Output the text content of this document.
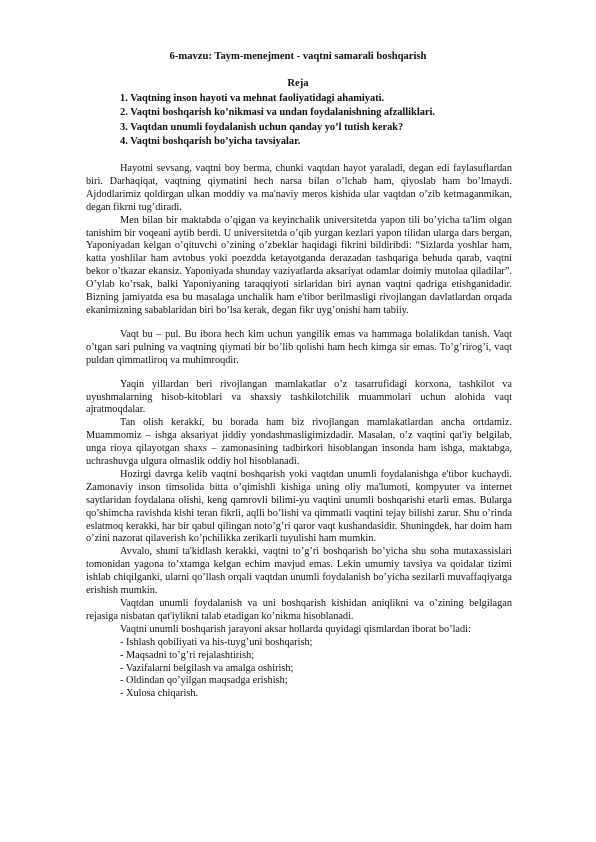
6-mavzu: Taym-menejment - vaqtni samarali boshqarish
Reja
1. Vaqtning inson hayoti va mehnat faoliyatidagi ahamiyati.
2. Vaqtni boshqarish ko’nikmasi va undan foydalanishning afzalliklari.
3. Vaqtdan unumli foydalanish uchun qanday yo’l tutish kerak?
4. Vaqtni boshqarish bo’yicha tavsiyalar.

Hayotni sevsang, vaqtni boy berma, chunki vaqtdan hayot yaraladi, degan edi faylasuflardan biri. Darhaqiqat, vaqtning qiymatini hech narsa bilan o’lchab ham, qiyoslab ham bo’lmaydi. Ajdodlarimiz qoldirgan ulkan moddiy va ma'naviy meros kishida ular vaqtdan o’zib ketmaganmikan, degan fikrni tug’diradi.

Men bilan bir maktabda o’qigan va keyinchalik universitetda yapon tili bo’yicha ta'lim olgan tanishim bir voqeani aytib berdi. U universitetda o’qib yurgan kezlari yapon tilidan ularga dars bergan, Yaponiyadan kelgan o’qituvchi o’zining o’zbeklar haqidagi fikrini bildiribdi: “Sizlarda yoshlar ham, katta yoshlilar ham avtobus yoki poezdda ketayotganda derazadan tashqariga behuda qarab, vaqtni bekor o’tkazar ekansiz. Yaponiyada shunday vaziyatlarda aksariyat odamlar doimiy mutolaa qiladilar”. O’ylab ko’rsak, balki Yaponiyaning taraqqiyoti sirlaridan biri aynan vaqtni qadriga etishganidadir. Bizning jamiyatda esa bu masalaga unchalik ham e'tibor berilmasligi rivojlangan davlatlardan orqada ekanimizning sabablaridan biri bo’lsa kerak, degan fikr uyg’onishi ham tabiiy.

Vaqt bu – pul. Bu ibora hech kim uchun yangilik emas va hammaga bolalikdan tanish. Vaqt o’tgan sari pulning va vaqtning qiymati bir bo’lib qolishi ham hech kimga sir emas. To’g’rirog’i, vaqt puldan qimmatliroq va muhimroqdir.

Yaqin yillardan beri rivojlangan mamlakatlar o’z tasarrufidagi korxona, tashkilot va uyushmalarning hisob-kitoblari va shaxsiy tashkilotchilik muammolari uchun alohida vaqt ajratmoqdalar.

Tan olish kerakki, bu borada ham biz rivojlangan mamlakatlardan ancha ortdamiz. Muammomiz – ishga aksariyat jiddiy yondashmasligimizdadir. Masalan, o’z vaqtini qat'iy belgilab, unga rioya qilayotgan shaxs – zamonasining tadbirkori hisoblangan insonda ham ishga, maktabga, uchrashuvga ulgura olmaslik oddiy hol hisoblanadi.

Hozirgi davrga kelib vaqtni boshqarish yoki vaqtdan unumli foydalanishga e'tibor kuchaydi. Zamonaviy inson timsolida bitta o’qimishli kishiga uning oliy ma'lumoti, kompyuter va internet saytlaridan foydalana olishi, keng qamrovli bilimi-yu vaqtini unumli boshqarishi etarli emas. Bularga qo’shimcha ravishda kishi teran fikrli, aqlli bo’lishi va qimmatli vaqtini tejay bilishi zarur. Shu o’rinda eslatmoq kerakki, har bir qabul qilingan noto’g’ri qaror vaqt kushandasidir. Shuningdek, har doim ham o’zini nazorat qilaverish ko’pchilikka zerikarli tuyulishi ham mumkin.

Avvalo, shuni ta'kidlash kerakki, vaqtni to’g’ri boshqarish bo’yicha shu soha mutaxassislari tomonidan yagona to’xtamga kelgan echim mavjud emas. Lekin umumiy tavsiya va qoidalar tizimi ishlab chiqilganki, ularni qo’llash orqali vaqtdan unumli foydalanish bo’yicha sezilarli muvaffaqiyatga erishish mumkin.

Vaqtdan unumli foydalanish va uni boshqarish kishidan aniqlikni va o’zining belgilagan rejasiga nisbatan qat'iylikni talab etadigan ko’nikma hisoblanadi.

Vaqtni unumli boshqarish jarayoni aksar hollarda quyidagi qismlardan iborat bo’ladi:

- Ishlash qobiliyati va his-tuyg’uni boshqarish;

- Maqsadni to’g’ri rejalashtirish;

- Vazifalarni belgilash va amalga oshirish;

- Oldindan qo’yilgan maqsadga erishish;

- Xulosa chiqarish.
